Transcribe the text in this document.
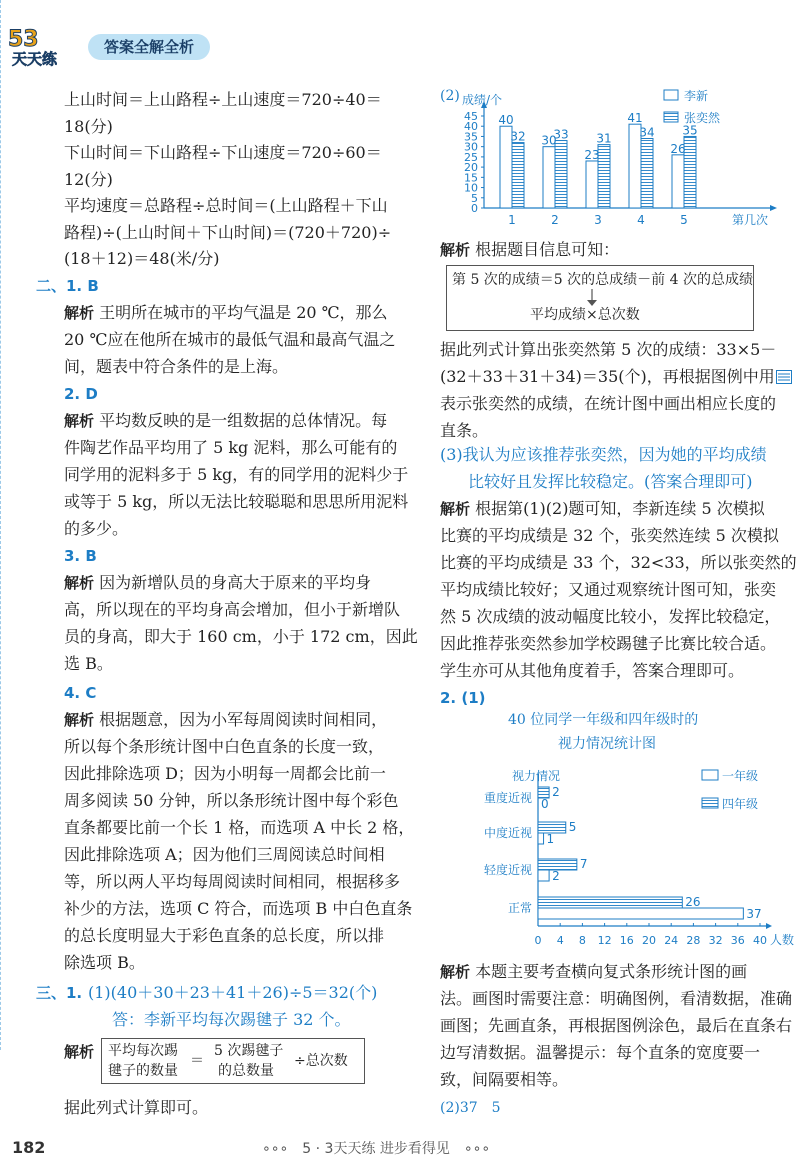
53
天天练
答案全解全析
上山时间＝上山路程÷上山速度＝720÷40＝
18(分)
下山时间＝下山路程÷下山速度＝720÷60＝
12(分)
平均速度＝总路程÷总时间＝(上山路程＋下山
路程)÷(上山时间＋下山时间)＝(720＋720)÷
(18＋12)＝48(米/分)
二、1. B
解析 王明所在城市的平均气温是 20 ℃，那么
20 ℃应在他所在城市的最低气温和最高气温之
间，题表中符合条件的是上海。
2. D
解析 平均数反映的是一组数据的总体情况。每
件陶艺作品平均用了 5 kg 泥料，那么可能有的
同学用的泥料多于 5 kg，有的同学用的泥料少于
或等于 5 kg，所以无法比较聪聪和思思所用泥料
的多少。
3. B
解析 因为新增队员的身高大于原来的平均身
高，所以现在的平均身高会增加，但小于新增队
员的身高，即大于 160 cm，小于 172 cm，因此
选 B。
4. C
解析 根据题意，因为小军每周阅读时间相同，
所以每个条形统计图中白色直条的长度一致，
因此排除选项 D；因为小明每一周都会比前一
周多阅读 50 分钟，所以条形统计图中每个彩色
直条都要比前一个长 1 格，而选项 A 中长 2 格，
因此排除选项 A；因为他们三周阅读总时间相
等，所以两人平均每周阅读时间相同，根据移多
补少的方法，选项 C 符合，而选项 B 中白色直条
的总长度明显大于彩色直条的总长度，所以排
除选项 B。
三、1. (1)(40＋30＋23＋41＋26)÷5＝32(个)
答：李新平均每次踢毽子 32 个。
解析 平均每次踢
毽子的数量
＝
5 次踢毽子
的总数量
÷总次数
据此列式计算即可。
(2) 成绩/个
第几次
0
5
10
15
20
25
30
35
40
45 40
32
1
30
33
2
23
31
3
41
34
4
26
35
5
李新
张奕然
解析 根据题目信息可知：
第 5 次的成绩＝5 次的总成绩－前 4 次的总成绩
平均成绩×总次数
据此列式计算出张奕然第 5 次的成绩：33×5－
(32＋33＋31＋34)＝35(个)，再根据图例中用
表示张奕然的成绩，在统计图中画出相应长度的
直条。
(3)我认为应该推荐张奕然，因为她的平均成绩
比较好且发挥比较稳定。(答案合理即可)
解析 根据第(1)(2)题可知，李新连续 5 次模拟
比赛的平均成绩是 32 个，张奕然连续 5 次模拟
比赛的平均成绩是 33 个，32<33，所以张奕然的
平均成绩比较好；又通过观察统计图可知，张奕
然 5 次成绩的波动幅度比较小，发挥比较稳定，
因此推荐张奕然参加学校踢毽子比赛比较合适。
学生亦可从其他角度着手，答案合理即可。
2. (1)
40 位同学一年级和四年级时的
视力情况统计图
视力情况
人数
0 4 8 12 16 20 24 28 32 36 40
26
37
正常
7
2
轻度近视
5
1
中度近视
2
0
重度近视
一年级
四年级
解析 本题主要考查横向复式条形统计图的画
法。画图时需要注意：明确图例，看清数据，准确
画图；先画直条，再根据图例涂色，最后在直条右
边写清数据。温馨提示：每个直条的宽度要一
致，间隔要相等。
(2)37　5
182	∘∘∘　5 · 3天天练 进步看得见　∘∘∘
